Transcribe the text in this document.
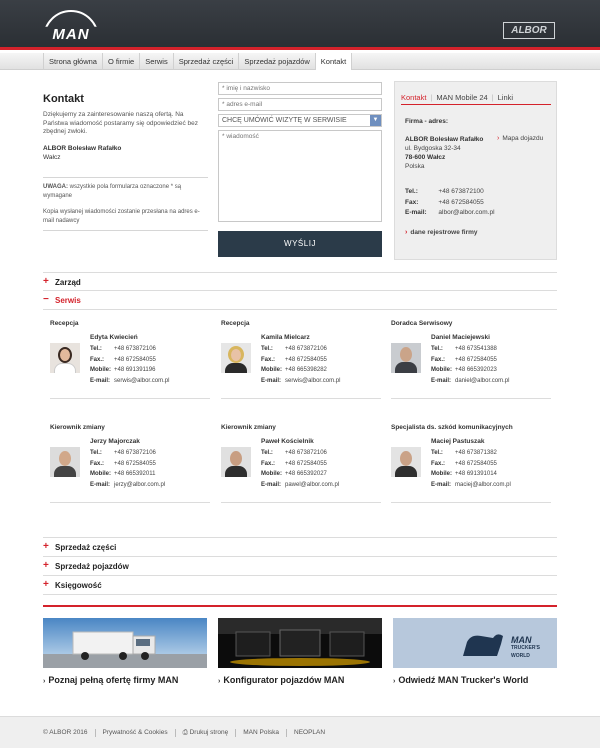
MAN	ALBOR
Strona główna	O firmie	Serwis	Sprzedaż części	Sprzedaż pojazdów	Kontakt
Kontakt
Dziękujemy za zainteresowanie naszą ofertą. Na Państwa wiadomość postaramy się odpowiedzieć bez zbędnej zwłoki.
ALBOR Bolesław Rafałko
Wałcz
UWAGA: wszystkie pola formularza oznaczone * są wymagane
Kopia wysłanej wiadomości zostanie przesłana na adres e-mail nadawcy
* imię i nazwisko
* adres e-mail
CHCĘ UMÓWIĆ WIZYTĘ W SERWISIE	▼
* wiadomość
WYŚLIJ
Kontakt | MAN Mobile 24 | Linki
Firma - adres:
ALBOR Bolesław Rafałko
ul. Bydgoska 32-34
78-600 Wałcz
Polska
› Mapa dojazdu
Tel.:	+48 673872100
Fax:	+48 672584055
E-mail: albor@albor.com.pl
› dane rejestrowe firmy
+ Zarząd
− Serwis
Recepcja
Edyta Kwiecień
Tel.: +48 673872106
Fax.: +48 672584055
Mobile: +48 691391196
E-mail: serwis@albor.com.pl
Recepcja
Kamila Mielcarz
Tel.: +48 673872106
Fax.: +48 672584055
Mobile: +48 665398282
E-mail: serwis@albor.com.pl
Doradca Serwisowy
Daniel Maciejewski
Tel.: +48 673541388
Fax.: +48 672584055
Mobile: +48 665392023
E-mail: daniel@albor.com.pl
Kierownik zmiany
Jerzy Majorczak
Tel.: +48 673872106
Fax.: +48 672584055
Mobile: +48 665392011
E-mail: jerzy@albor.com.pl
Kierownik zmiany
Paweł Kościelnik
Tel.: +48 673872106
Fax.: +48 672584055
Mobile: +48 665392027
E-mail: pawel@albor.com.pl
Specjalista ds. szkód komunikacyjnych
Maciej Pastuszak
Tel.: +48 673871382
Fax.: +48 672584055
Mobile: +48 691391014
E-mail: maciej@albor.com.pl
+ Sprzedaż części
+ Sprzedaż pojazdów
+ Księgowość
MAN
TRUCKER'S WORLD
› Poznaj pełną ofertę firmy MAN	› Konfigurator pojazdów MAN	› Odwiedź MAN Trucker's World
© ALBOR 2016	Prywatność & Cookies	⎙ Drukuj stronę	MAN Polska	NEOPLAN
